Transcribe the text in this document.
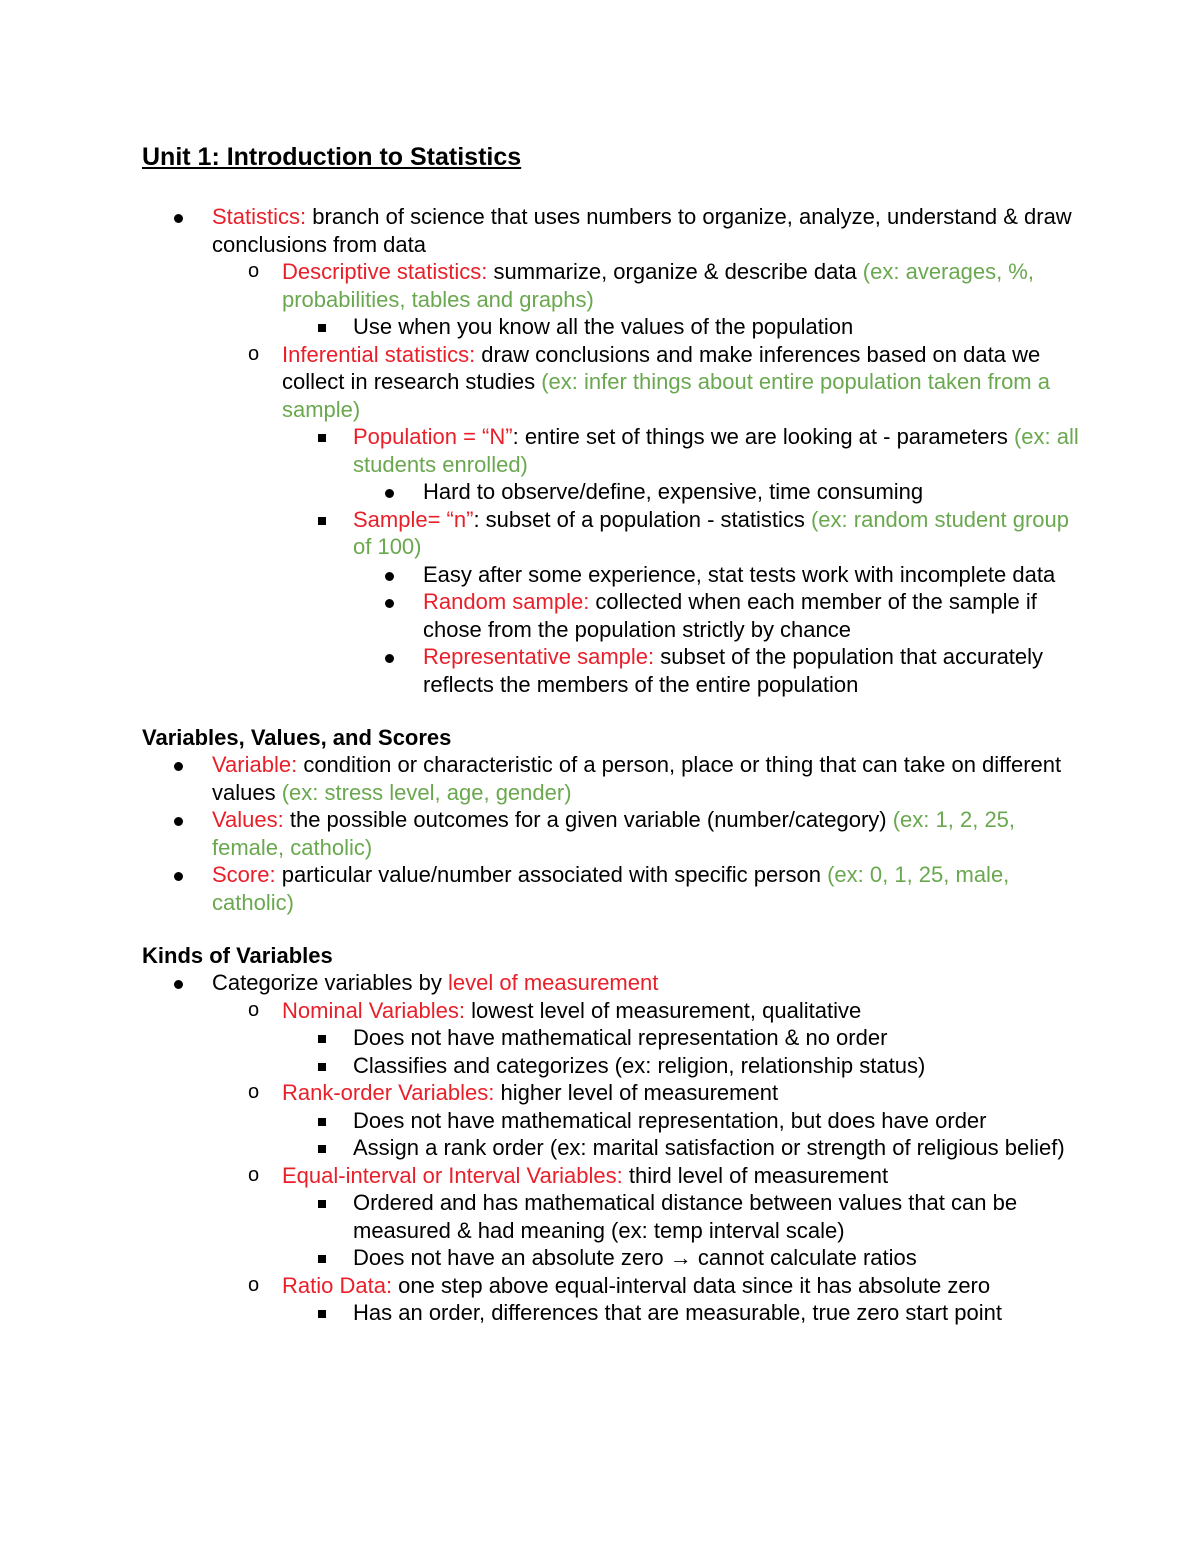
Unit 1: Introduction to Statistics
Statistics: branch of science that uses numbers to organize, analyze, understand & draw conclusions from data
o Descriptive statistics: summarize, organize & describe data (ex: averages, %, probabilities, tables and graphs)
Use when you know all the values of the population
o Inferential statistics: draw conclusions and make inferences based on data we collect in research studies (ex: infer things about entire population taken from a sample)
Population = “N”: entire set of things we are looking at - parameters (ex: all students enrolled)
Hard to observe/define, expensive, time consuming
Sample= “n”: subset of a population - statistics (ex: random student group of 100)
Easy after some experience, stat tests work with incomplete data
Random sample: collected when each member of the sample if chose from the population strictly by chance
Representative sample: subset of the population that accurately reflects the members of the entire population
Variables, Values, and Scores
Variable: condition or characteristic of a person, place or thing that can take on different values (ex: stress level, age, gender)
Values: the possible outcomes for a given variable (number/category) (ex: 1, 2, 25, female, catholic)
Score: particular value/number associated with specific person (ex: 0, 1, 25, male, catholic)
Kinds of Variables
Categorize variables by level of measurement
o Nominal Variables: lowest level of measurement, qualitative
Does not have mathematical representation & no order
Classifies and categorizes (ex: religion, relationship status)
o Rank-order Variables: higher level of measurement
Does not have mathematical representation, but does have order
Assign a rank order (ex: marital satisfaction or strength of religious belief)
o Equal-interval or Interval Variables: third level of measurement
Ordered and has mathematical distance between values that can be measured & had meaning (ex: temp interval scale)
Does not have an absolute zero → cannot calculate ratios
o Ratio Data: one step above equal-interval data since it has absolute zero
Has an order, differences that are measurable, true zero start point
